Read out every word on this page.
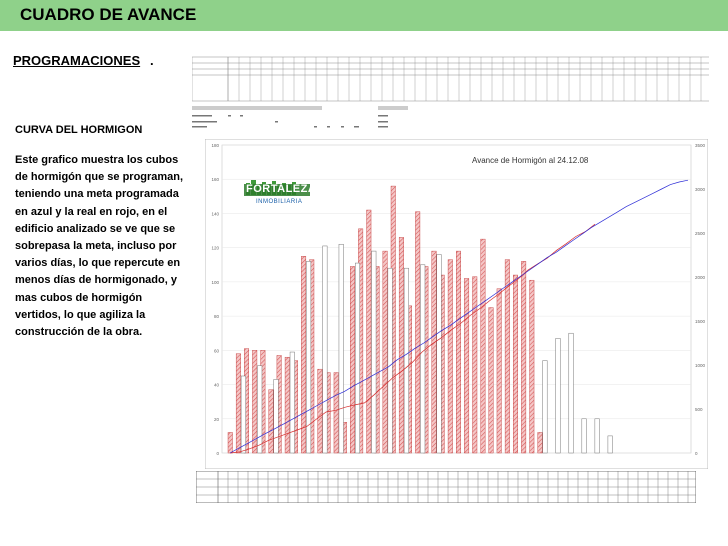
CUADRO DE AVANCE
PROGRAMACIONES .
CURVA DEL HORMIGON
Este grafico muestra los cubos de hormigón que se programan, teniendo una meta programada en azul y la real en rojo, en el edificio analizado se ve que se sobrepasa la meta, incluso por varios días, lo que repercute en menos días de hormigonado, y mas cubos de hormigón vertidos, lo que agiliza la construcción de la obra.
0
20
40
60
80
100
120
140
160
180
0
500
1000
1500
2000
2500
3000
3500
Avance de Hormigón al 24.12.08
FORTALEZA
INMOBILIARIA
